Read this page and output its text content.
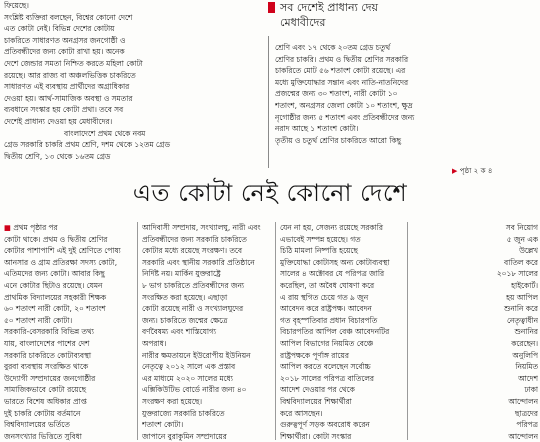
ফিয়েছে।
সংশ্লিষ্ট ব্যক্তিরা বলছেন, বিশ্বের কোনো দেশে
এত কোটা নেই। বিভিন্ন দেশের কোটায়
চাকরিতে সাধারণত অনগ্রসর জনগোষ্ঠী ও
প্রতিবন্ধীদের জন্য কোটা রাখা হয়। অনেক
দেশে জেন্ডার সমতা নিশ্চিত করতে মহিলা কোটা
রয়েছে। আর রাজ্য বা অঞ্চলভিত্তিক চাকরিতে
সাধারণত এই ব্যবস্থায় প্রার্থীদের অগ্রাধিকার
দেওয়া হয়। আর্থ-সামাজিক অবস্থা ও সমতার
ব্যবধানে সংস্কার হয় কোটা প্রথা। তবে সব
দেশেই প্রাধান্য দেওয়া হয় মেধাবীদের।
বাংলাদেশে প্রথম থেকে নবম
গ্রেড সরকারি চাকরি প্রথম শ্রেণি, দশম থেকে ১২তম গ্রেড
দ্বিতীয় শ্রেণি, ১৩ থেকে ১৬তম গ্রেড

সব দেশেই প্রাধান্য দেয়
মেধাবীদের

শ্রেণি এবং ১৭ থেকে ২০তম গ্রেড চতুর্থ
শ্রেণির চাকরি। প্রথম ও দ্বিতীয় শ্রেণির সরকারি
চাকরিতে মোট ৫৬ শতাংশ কোটা রয়েছে। এর
মধ্যে মুক্তিযোদ্ধার সন্তান এবং নাতি-নাতনিদের
প্রজন্মের জন্য ৩০ শতাংশ, নারী কোটা ১০
শতাংশ, অনগ্রসর জেলা কোটা ১০ শতাংশ, ক্ষুদ্র
নৃগোষ্ঠীর জন্য ৫ শতাংশ এবং প্রতিবন্ধীদের জন্য
নরাদ আছে ১ শতাংশ কোটা।
তৃতীয় ও চতুর্থ শ্রেণির চাকরিতে আরো কিছু

▶ পৃষ্ঠা ২ ক ৪
এত কোটা নেই কোনো দেশে
■ প্রথম পৃষ্ঠার পর
কোটা থাকে। প্রথম ও দ্বিতীয় শ্রেণির
কোটার পাশাপাশি এই দুই শ্রেণিতে পোষ্য
আনসার ও গ্রাম প্রতিরক্ষা সদস্য কোটা,
এতিমদের জন্য কোটা। আবার কিছু
এনে কোটার ছিটাও রয়েছে। যেমন
প্রাথমিক বিদ্যালয়ের সহকারী শিক্ষক
৬০ শতাংশ নারী কোটা, ২০ শতাংশ
৫০ শতাংশ নারী কোটা।
সরকারি-বেসরকারি বিভিন্ন তথ্য
যায়, বাংলাদেশের পাশের দেশ
সরকারি চাকরিতে কোটাব্যবস্থা
বুরবা ব্যবস্থায় সংরক্ষিত থাকে
উদ্যোগী সম্প্রদায়ের জনগোষ্ঠীর
সামাজিকভাবে কোটা রয়েছে
ভারতে বিশেষ অধিকার প্রাপ্ত
দুই চাকরি কোটায় বর্তমানে
বিশ্ববিদ্যালয়ের ভর্তিতে
জনসংখ্যার ভিত্তিতে সুবিধা
আদিবাসী সম্প্রদায়, সংখ্যালঘু, নারী এবং
প্রতিবন্ধীদের জন্য সরকারি চাকরিতে
কোটার মধ্যে রয়েছে সংরক্ষণ। তবে
সরকারি এবং স্থানীয় সরকারি প্রতিষ্ঠানে
নির্দিষ্ট নয়। মার্কিন যুক্তরাষ্ট্রে
৮ ভাগ চাকরিতে প্রতিবন্ধীদের জন্য
সংরক্ষিত করা হয়েছে। এছাড়া
কোটা রয়েছে নারী ও সংখ্যালঘুদের
জন্য। চাকরিতে জন্মের ক্ষেত্রে
বর্ণবৈষম্য এবং শাস্তিযোগ্য
অপরাধ।
নারীর ক্ষমতায়নে ইউরোপীয় ইউনিয়ন
নেতৃত্বে ২০১২ সালে এক প্রস্তাব
এর মাধ্যমে ২০২০ সালের মধ্যে
এক্সিকিউটিভ বোর্ডে নারীর জন্য ৪০
সংরক্ষণ করা হয়েছে।
যুক্তরাজ্যে সরকারি চাকরিতে
শতাংশ কোটা।
জাপানে বুরাকুমিন সম্প্রদায়ের
যেন না হয়, সেজন্য রয়েছে সরকারি
এভাবেই সম্পন্ন হয়েছে। গত
চিঠি মামলা নিষ্পত্তি হয়েছে
মুক্তিযোদ্ধা কোটাসহ অন্য কোটাব্যবস্থা
সালের ৪ অক্টোবর যে পরিপত্র জারি
করেছিল, তা অবৈধ ঘোষণা করে
এ রায় স্থগিত চেয়ে গত ৯ জুন
আবেদন করে রাষ্ট্রপক্ষ। আবেদন
গত বৃহস্পতিবার প্রধান বিচারপতি
বিচারপতির আপিল বেঞ্চ আবেদনটির
আপিল বিভাগের নিয়মিত বেঞ্চে
রাষ্ট্রপক্ষকে পূর্ণাঙ্গ রায়ের
আপিল করতে বলেছেন সর্বোচ্চ
২০১৮ সালের পরিপত্র বাতিলের
আদেশ দেওয়ার পর থেকে
বিশ্ববিদ্যালয়ের শিক্ষার্থীরা
করে আসছেন।
গুরুত্বপূর্ণ সড়ক অবরোধ করেন
শিক্ষার্থীরা। কোটা সংস্কার
সব নিয়োগ
৫ জুন এক
উল্লেখ
বাতিল করে
২০১৮ সালের
হাইকোর্ট।
হয় আপিল
শুনানি করে
নেতৃত্বাধীন
শুনানির
করেছেন।
অনুলিপি
নিয়মিত
আদেশ
ঢাকা
আন্দোলন
ছাত্রদের
পরিপত্র
আন্দোলন
